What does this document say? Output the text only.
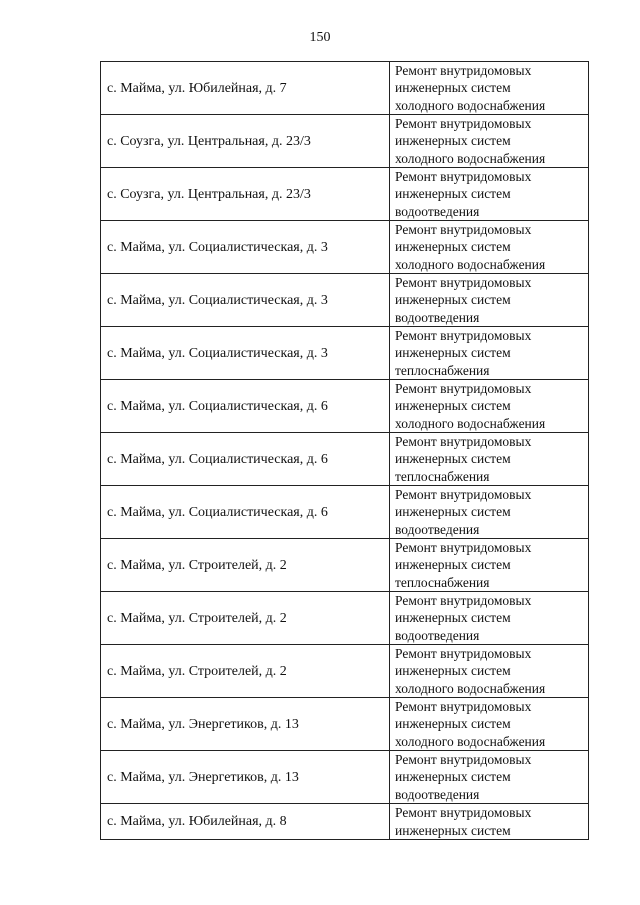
150
с. Майма, ул. Юбилейная, д. 7	Ремонт внутридомовых
инженерных систем
холодного водоснабжения

с. Соузга, ул. Центральная, д. 23/3	Ремонт внутридомовых
инженерных систем
холодного водоснабжения

с. Соузга, ул. Центральная, д. 23/3	Ремонт внутридомовых
инженерных систем
водоотведения

с. Майма, ул. Социалистическая, д. 3	Ремонт внутридомовых
инженерных систем
холодного водоснабжения

с. Майма, ул. Социалистическая, д. 3	Ремонт внутридомовых
инженерных систем
водоотведения

с. Майма, ул. Социалистическая, д. 3	Ремонт внутридомовых
инженерных систем
теплоснабжения

с. Майма, ул. Социалистическая, д. 6	Ремонт внутридомовых
инженерных систем
холодного водоснабжения

с. Майма, ул. Социалистическая, д. 6	Ремонт внутридомовых
инженерных систем
теплоснабжения

с. Майма, ул. Социалистическая, д. 6	Ремонт внутридомовых
инженерных систем
водоотведения

с. Майма, ул. Строителей, д. 2	Ремонт внутридомовых
инженерных систем
теплоснабжения

с. Майма, ул. Строителей, д. 2	Ремонт внутридомовых
инженерных систем
водоотведения

с. Майма, ул. Строителей, д. 2	Ремонт внутридомовых
инженерных систем
холодного водоснабжения

с. Майма, ул. Энергетиков, д. 13	Ремонт внутридомовых
инженерных систем
холодного водоснабжения

с. Майма, ул. Энергетиков, д. 13	Ремонт внутридомовых
инженерных систем
водоотведения

с. Майма, ул. Юбилейная, д. 8	Ремонт внутридомовых
инженерных систем
